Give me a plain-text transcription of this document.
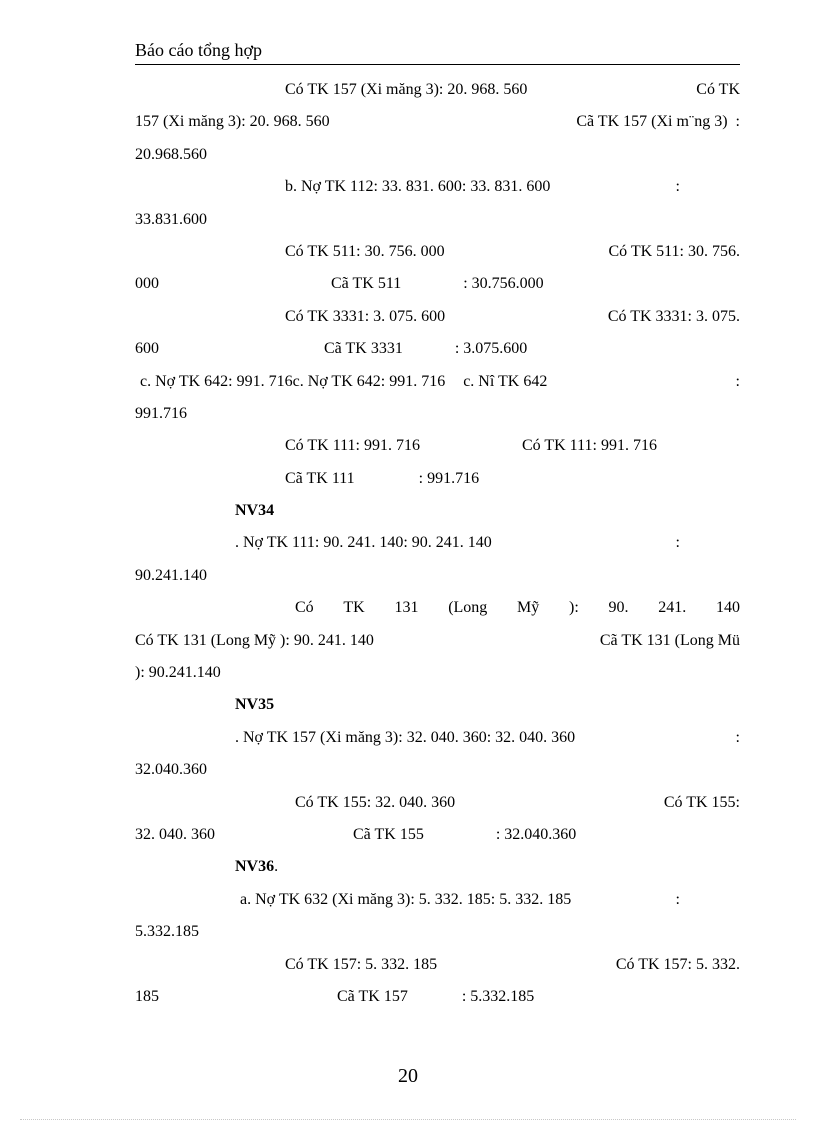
Báo cáo tổng hợp
Có TK 157 (Xi măng 3): 20. 968. 560	Có TK
157 (Xi măng 3): 20. 968. 560	Cã TK 157 (Xi m¨ng 3)  :
20.968.560
b. Nợ TK 112: 33. 831. 600: 33. 831. 600	:
33.831.600
Có TK 511: 30. 756. 000	Có TK 511: 30. 756.
000	Cã TK 511	: 30.756.000
Có TK 3331: 3. 075. 600	Có TK 3331: 3. 075.
600	Cã TK 3331	: 3.075.600
c. Nợ TK 642: 991. 716c. Nợ TK 642: 991. 716 c. Nî TK 642	:
991.716
Có TK 111: 991. 716	Có TK 111: 991. 716
Cã TK 111	: 991.716
NV34
. Nợ TK 111: 90. 241. 140: 90. 241. 140	:
90.241.140
Có TK 131 (Long Mỹ ): 90. 241. 140
Có TK 131 (Long Mỹ ): 90. 241. 140	Cã TK 131 (Long Mü
): 90.241.140
NV35
. Nợ TK 157 (Xi măng 3): 32. 040. 360: 32. 040. 360	:
32.040.360
Có TK 155: 32. 040. 360	Có TK 155:
32. 040. 360	Cã TK 155	: 32.040.360
NV36.
a. Nợ TK 632 (Xi măng 3): 5. 332. 185: 5. 332. 185	:
5.332.185
Có TK 157: 5. 332. 185	Có TK 157: 5. 332.
185	Cã TK 157	: 5.332.185
20
